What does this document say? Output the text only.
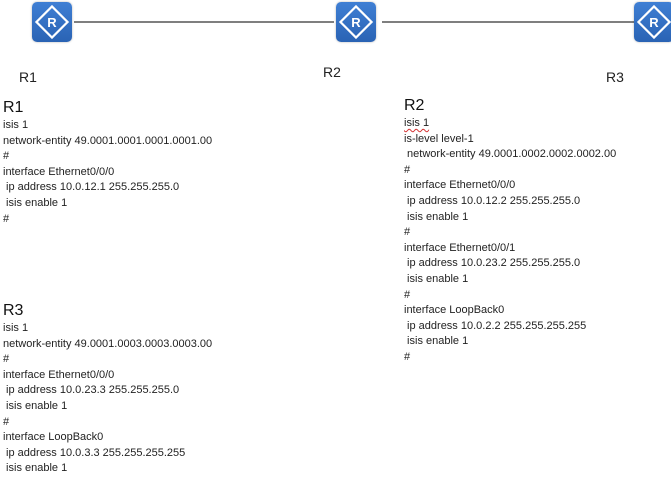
R	R	R
R1	R2	R3
R1
isis 1
network-entity 49.0001.0001.0001.0001.00
#
interface Ethernet0/0/0
ip address 10.0.12.1 255.255.255.0
isis enable 1
#
R3
isis 1
network-entity 49.0001.0003.0003.0003.00
#
interface Ethernet0/0/0
ip address 10.0.23.3 255.255.255.0
isis enable 1
#
interface LoopBack0
ip address 10.0.3.3 255.255.255.255
isis enable 1
R2
isis 1
is-level level-1
network-entity 49.0001.0002.0002.0002.00
#
interface Ethernet0/0/0
ip address 10.0.12.2 255.255.255.0
isis enable 1
#
interface Ethernet0/0/1
ip address 10.0.23.2 255.255.255.0
isis enable 1
#
interface LoopBack0
ip address 10.0.2.2 255.255.255.255
isis enable 1
#
